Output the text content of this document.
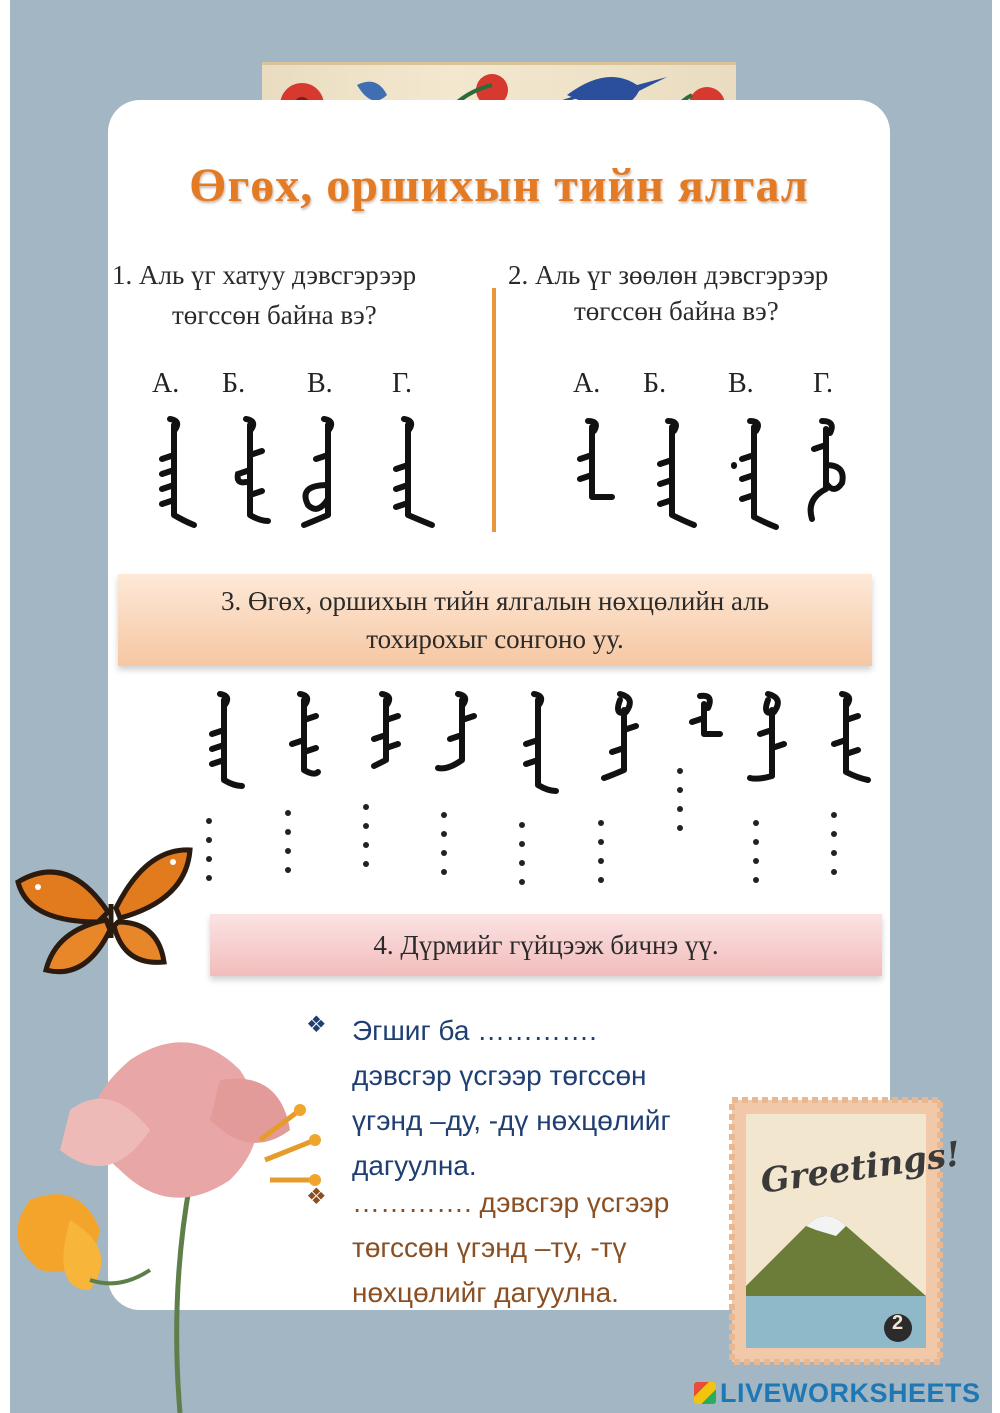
Өгөх, оршихын тийн ялгал
1. Аль үг хатуу дэвсгэрээр
төгссөн байна вэ?
2. Аль үг зөөлөн дэвсгэрээр
төгссөн байна вэ?
А. Б. В. Г.	А. Б. В. Г.
3. Өгөх, оршихын тийн ялгалын нөхцөлийн аль
тохирохыг сонгоно уу.
4. Дүрмийг гүйцээж бичнэ үү.
❖ Эгшиг ба ………….
дэвсгэр үсгээр төгссөн
үгэнд –ду, -дү нөхцөлийг
дагуулна.
❖ …………. дэвсгэр үсгээр
төгссөн үгэнд –ту, -тү
нөхцөлийг дагуулна.
Greetings!
2
LIVEWORKSHEETS
